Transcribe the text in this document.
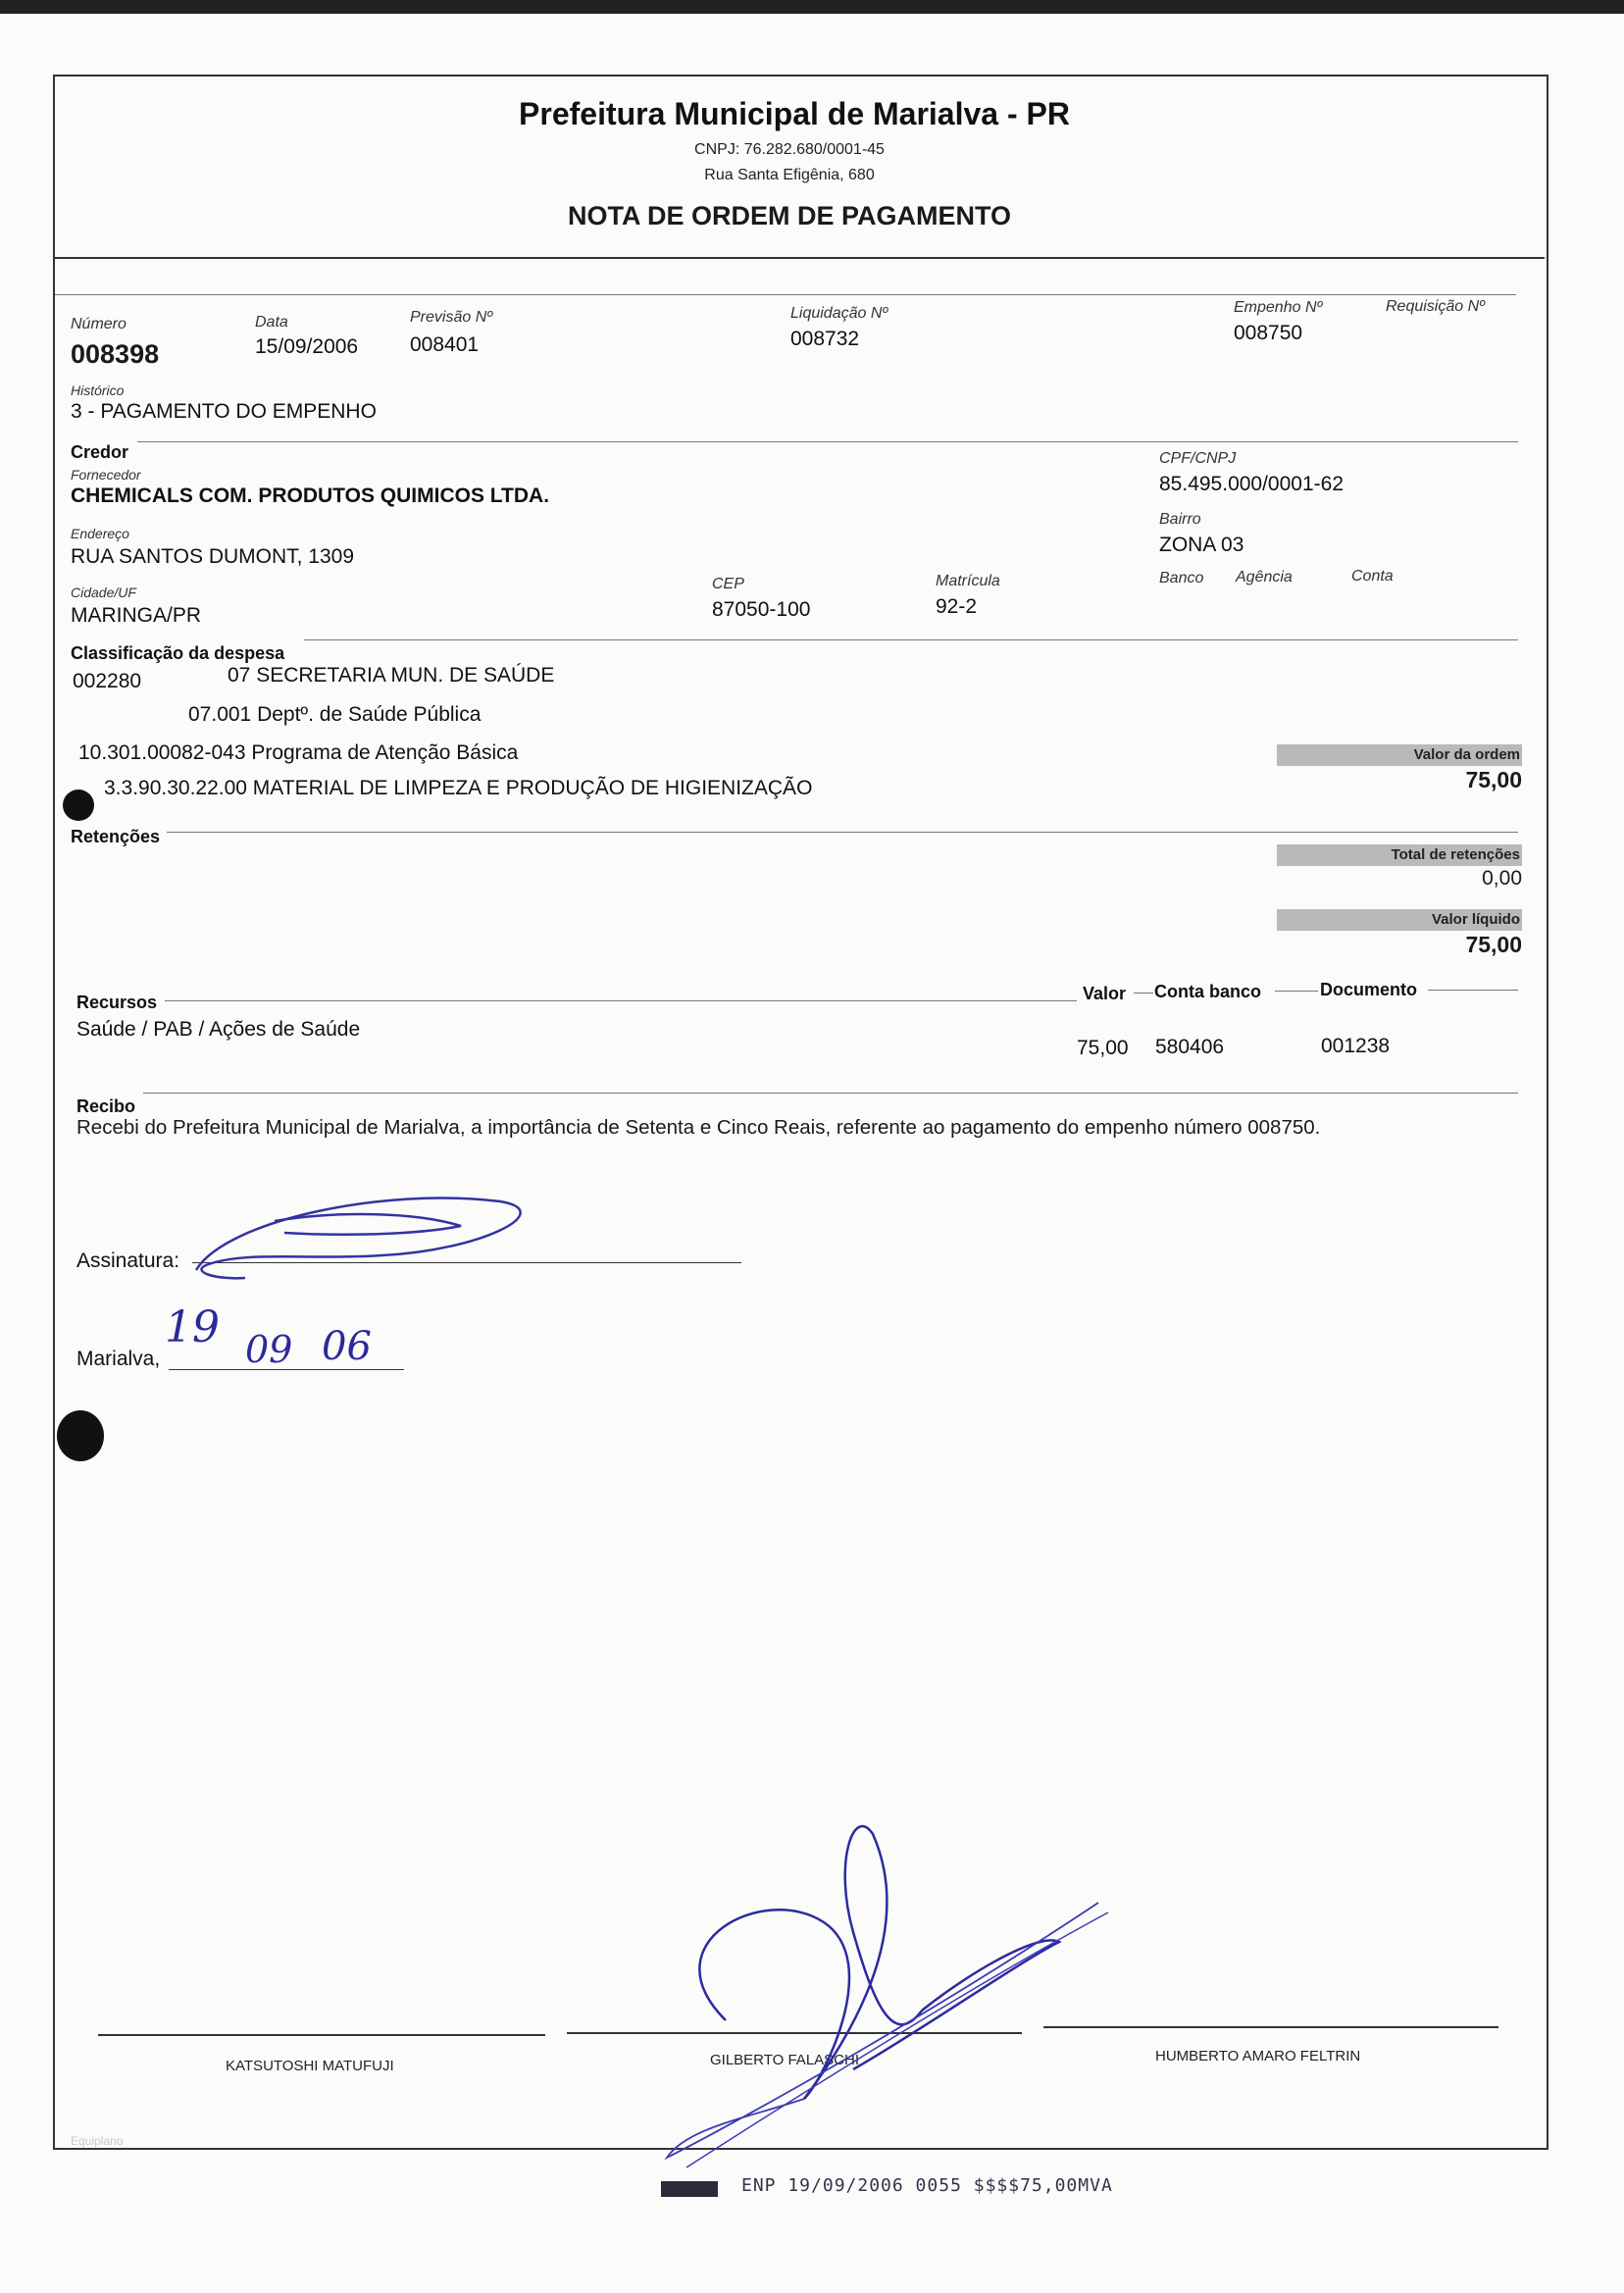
Prefeitura Municipal de Marialva - PR
CNPJ: 76.282.680/0001-45
Rua Santa Efigênia, 680
NOTA DE ORDEM DE PAGAMENTO
Número
008398
Data
15/09/2006
Previsão Nº
008401
Liquidação Nº
008732
Empenho Nº
008750
Requisição Nº
Histórico
3 - PAGAMENTO DO EMPENHO
Credor
Fornecedor
CHEMICALS COM. PRODUTOS QUIMICOS LTDA.
CPF/CNPJ
85.495.000/0001-62
Endereço
RUA SANTOS DUMONT, 1309
Bairro
ZONA 03
Cidade/UF
MARINGA/PR
CEP
87050-100
Matrícula
92-2
Banco Agência	Conta
Classificação da despesa
002280	07 SECRETARIA MUN. DE SAÚDE
07.001 Deptº. de Saúde Pública
10.301.00082-043 Programa de Atenção Básica
3.3.90.30.22.00 MATERIAL DE LIMPEZA E PRODUÇÃO DE HIGIENIZAÇÃO
Valor da ordem
75,00
Retenções
Total de retenções
0,00
Valor líquido
75,00
Recursos	Valor Conta banco	Documento
Saúde / PAB / Ações de Saúde
75,00 580406	001238
Recibo
Recebi do Prefeitura Municipal de Marialva, a importância de Setenta e Cinco Reais, referente ao pagamento do empenho número 008750.
Assinatura:
Marialva,
19 09 06
KATSUTOSHI MATUFUJI	GILBERTO FALASCHI	HUMBERTO AMARO FELTRIN
Equiplano
ENP 19/09/2006 0055 $$$$75,00MVA
